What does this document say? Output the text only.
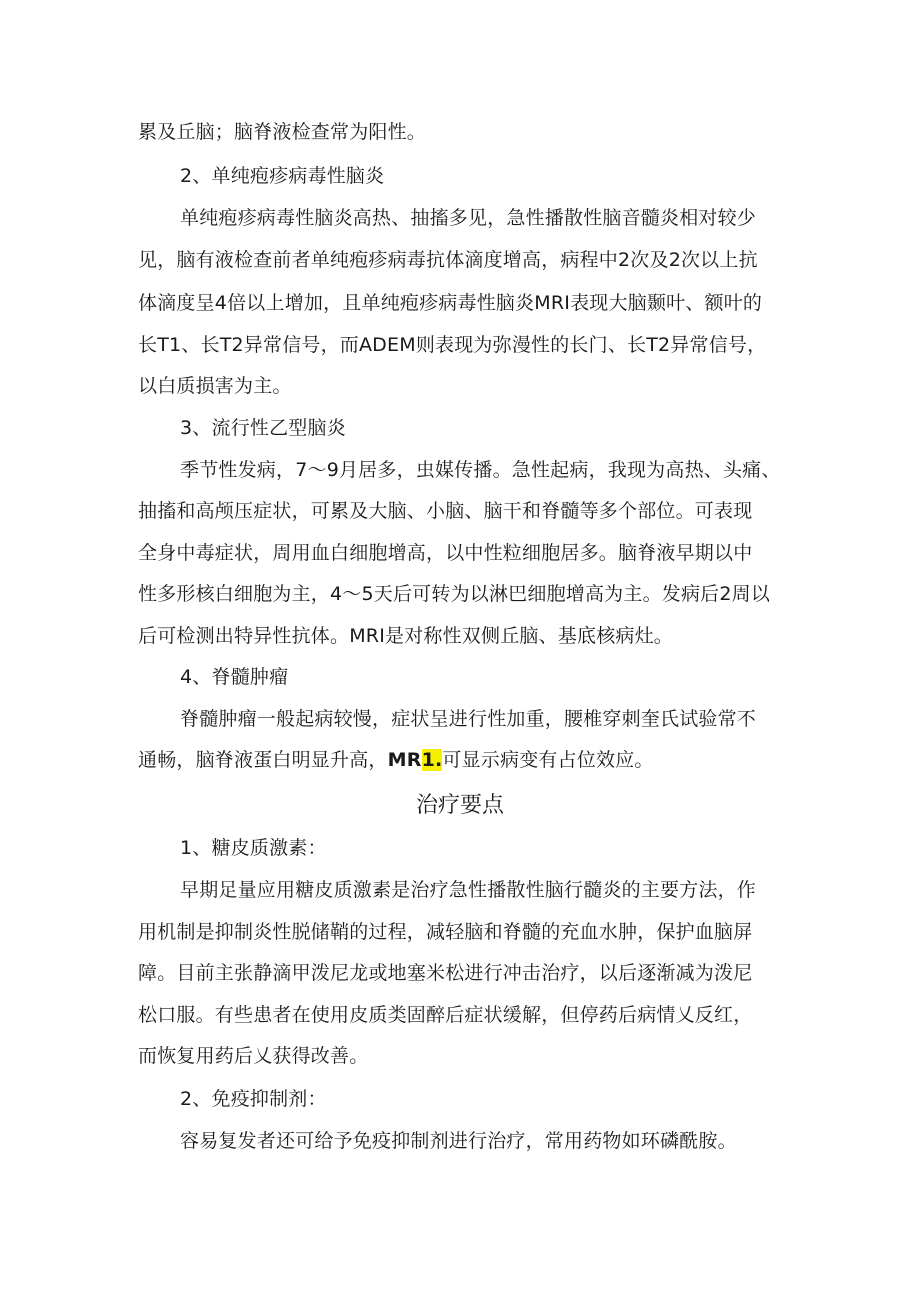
累及丘脑；脑脊液检查常为阳性。
2、单纯疱疹病毒性脑炎
单纯疱疹病毒性脑炎高热、抽搐多见，急性播散性脑音髓炎相对较少
见，脑有液检查前者单纯疱疹病毒抗体滴度增高，病程中2次及2次以上抗
体滴度呈4倍以上增加，且单纯疱疹病毒性脑炎MRI表现大脑颞叶、额叶的
长T1、长T2异常信号，而ADEM则表现为弥漫性的长门、长T2异常信号，
以白质损害为主。
3、流行性乙型脑炎
季节性发病，7〜9月居多，虫媒传播。急性起病，我现为高热、头痛、
抽搐和高颅压症状，可累及大脑、小脑、脑干和脊髓等多个部位。可表现
全身中毒症状，周用血白细胞增高，以中性粒细胞居多。脑脊液早期以中
性多形核白细胞为主，4〜5天后可转为以淋巴细胞增高为主。发病后2周以
后可检测出特异性抗体。MRI是对称性双侧丘脑、基底核病灶。
4、脊髓肿瘤
脊髓肿瘤一般起病较慢，症状呈进行性加重，腰椎穿刺奎氏试验常不
通畅，脑脊液蛋白明显升高，MR1.可显示病变有占位效应。
治疗要点
1、糖皮质激素：
早期足量应用糖皮质激素是治疗急性播散性脑行髓炎的主要方法，作
用机制是抑制炎性脱储鞘的过程，减轻脑和脊髓的充血水肿，保护血脑屏
障。目前主张静滴甲泼尼龙或地塞米松进行冲击治疗，以后逐渐减为泼尼
松口服。有些患者在使用皮质类固醉后症状缓解，但停药后病情乂反红，
而恢复用药后乂获得改善。
2、免疫抑制剂：
容易复发者还可给予免疫抑制剂进行治疗，常用药物如环磷酰胺。
